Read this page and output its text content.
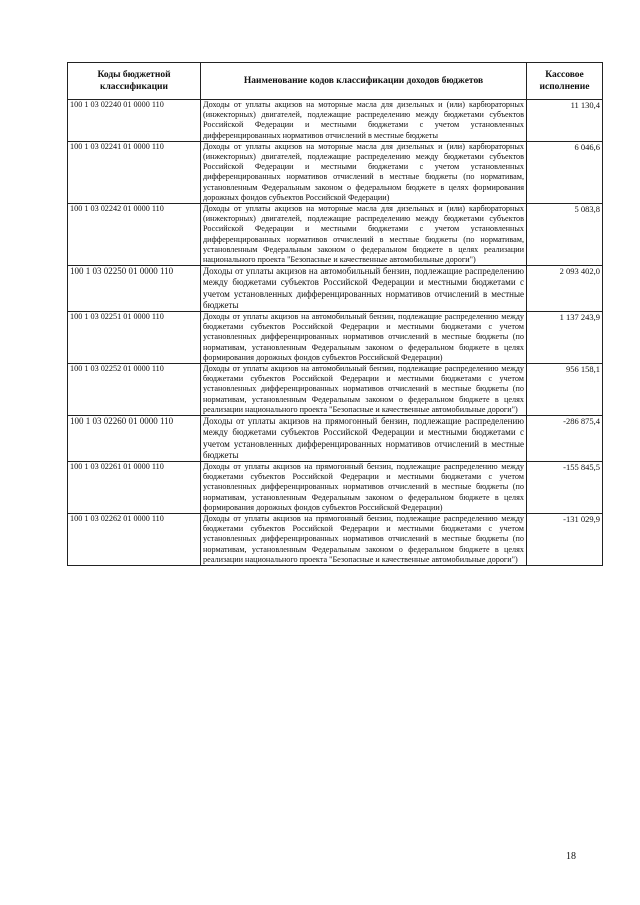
Коды бюджетной классификации	Наименование кодов классификации доходов бюджетов	Кассовое исполнение
100 1 03 02240 01 0000 110	Доходы от уплаты акцизов на моторные масла для дизельных и (или) карбюраторных (инжекторных) двигателей, подлежащие распределению между бюджетами субъектов Российской Федерации и местными бюджетами с учетом установленных дифференцированных нормативов отчислений в местные бюджеты	11 130,4
100 1 03 02241 01 0000 110	Доходы от уплаты акцизов на моторные масла для дизельных и (или) карбюраторных (инжекторных) двигателей, подлежащие распределению между бюджетами субъектов Российской Федерации и местными бюджетами с учетом установленных дифференцированных нормативов отчислений в местные бюджеты (по нормативам, установленным Федеральным законом о федеральном бюджете в целях формирования дорожных фондов субъектов Российской Федерации)	6 046,6
100 1 03 02242 01 0000 110	Доходы от уплаты акцизов на моторные масла для дизельных и (или) карбюраторных (инжекторных) двигателей, подлежащие распределению между бюджетами субъектов Российской Федерации и местными бюджетами с учетом установленных дифференцированных нормативов отчислений в местные бюджеты (по нормативам, установленным Федеральным законом о федеральном бюджете в целях реализации национального проекта "Безопасные и качественные автомобильные дороги")	5 083,8
100 1 03 02250 01 0000 110	Доходы от уплаты акцизов на автомобильный бензин, подлежащие распределению между бюджетами субъектов Российской Федерации и местными бюджетами с учетом установленных дифференцированных нормативов отчислений в местные бюджеты	2 093 402,0
100 1 03 02251 01 0000 110	Доходы от уплаты акцизов на автомобильный бензин, подлежащие распределению между бюджетами субъектов Российской Федерации и местными бюджетами с учетом установленных дифференцированных нормативов отчислений в местные бюджеты (по нормативам, установленным Федеральным законом о федеральном бюджете в целях формирования дорожных фондов субъектов Российской Федерации)	1 137 243,9
100 1 03 02252 01 0000 110	Доходы от уплаты акцизов на автомобильный бензин, подлежащие распределению между бюджетами субъектов Российской Федерации и местными бюджетами с учетом установленных дифференцированных нормативов отчислений в местные бюджеты (по нормативам, установленным Федеральным законом о федеральном бюджете в целях реализации национального проекта "Безопасные и качественные автомобильные дороги")	956 158,1
100 1 03 02260 01 0000 110	Доходы от уплаты акцизов на прямогонный бензин, подлежащие распределению между бюджетами субъектов Российской Федерации и местными бюджетами с учетом установленных дифференцированных нормативов отчислений в местные бюджеты	-286 875,4
100 1 03 02261 01 0000 110	Доходы от уплаты акцизов на прямогонный бензин, подлежащие распределению между бюджетами субъектов Российской Федерации и местными бюджетами с учетом установленных дифференцированных нормативов отчислений в местные бюджеты (по нормативам, установленным Федеральным законом о федеральном бюджете в целях формирования дорожных фондов субъектов Российской Федерации)	-155 845,5
100 1 03 02262 01 0000 110	Доходы от уплаты акцизов на прямогонный бензин, подлежащие распределению между бюджетами субъектов Российской Федерации и местными бюджетами с учетом установленных дифференцированных нормативов отчислений в местные бюджеты (по нормативам, установленным Федеральным законом о федеральном бюджете в целях реализации национального проекта "Безопасные и качественные автомобильные дороги")	-131 029,9
18
